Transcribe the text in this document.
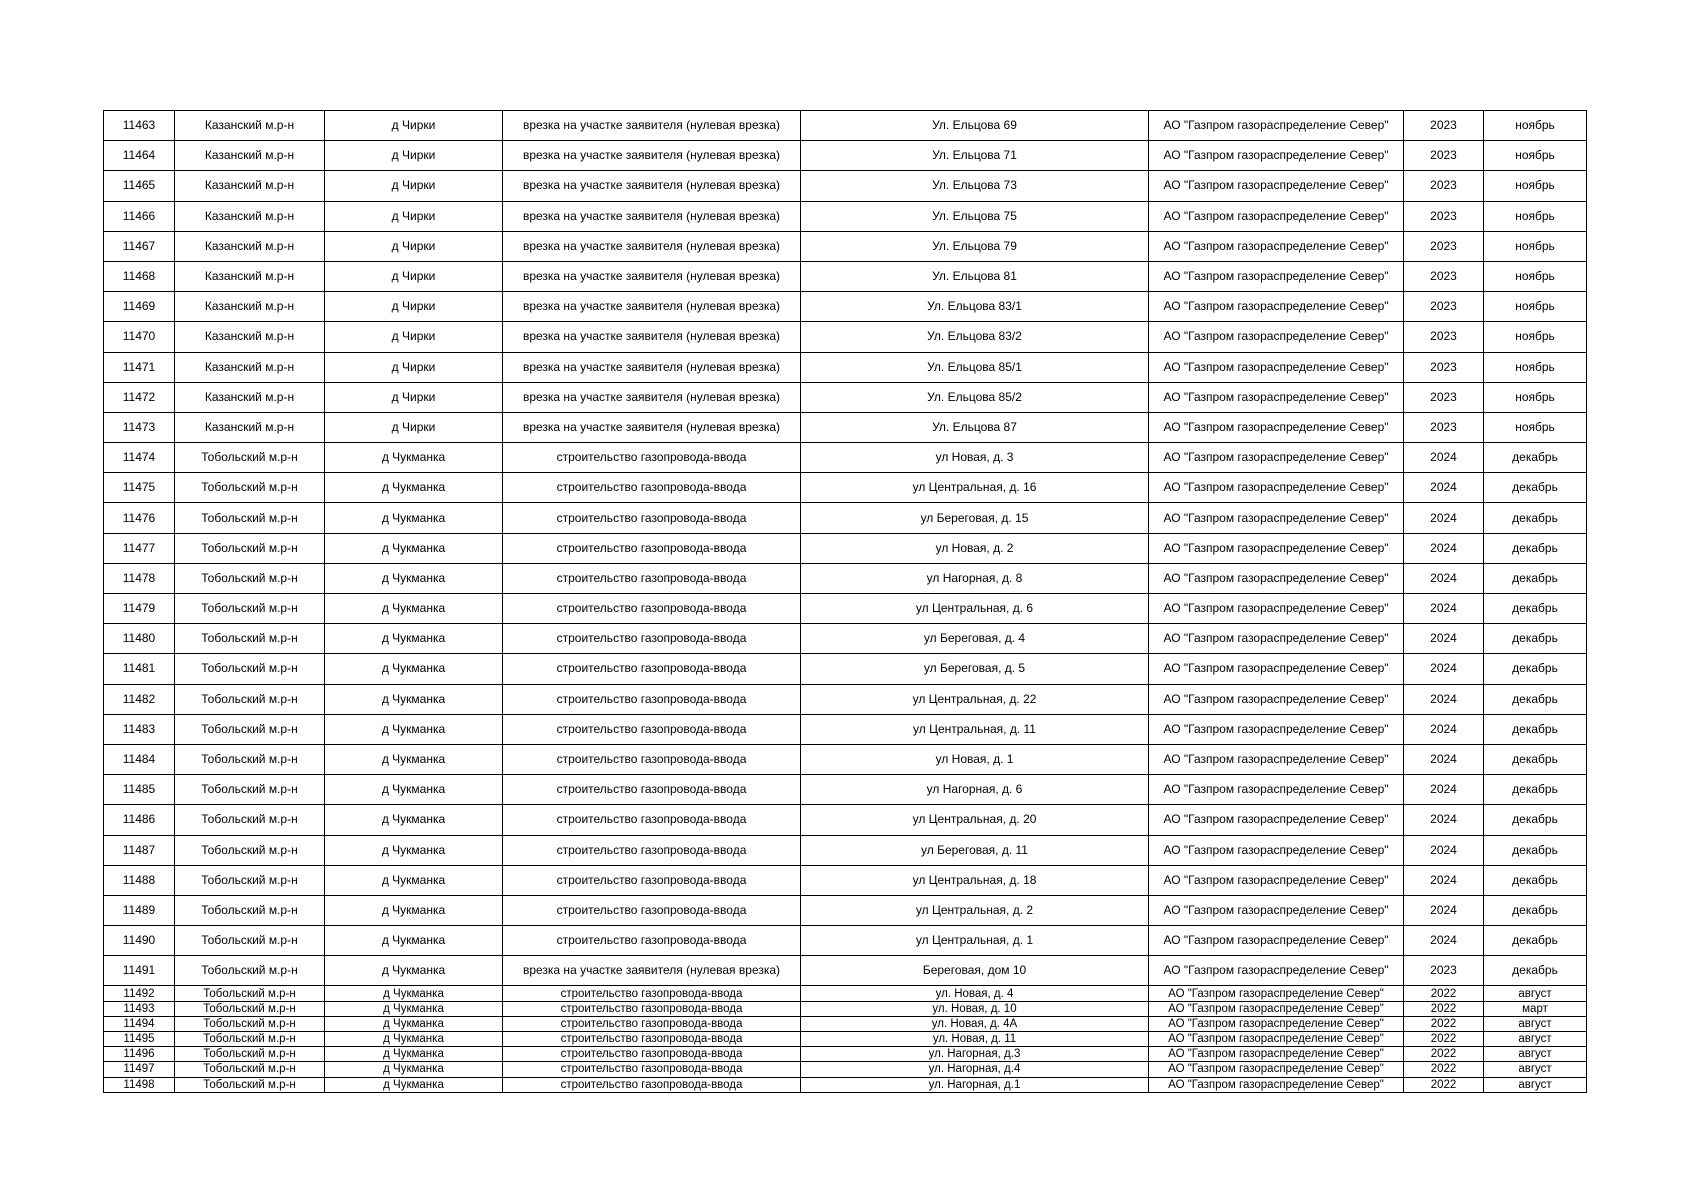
11463	Казанский м.р-н	д Чирки	врезка на участке заявителя (нулевая врезка)	Ул. Ельцова 69	АО "Газпром газораспределение Север"	2023	ноябрь
11464	Казанский м.р-н	д Чирки	врезка на участке заявителя (нулевая врезка)	Ул. Ельцова 71	АО "Газпром газораспределение Север"	2023	ноябрь
11465	Казанский м.р-н	д Чирки	врезка на участке заявителя (нулевая врезка)	Ул. Ельцова 73	АО "Газпром газораспределение Север"	2023	ноябрь
11466	Казанский м.р-н	д Чирки	врезка на участке заявителя (нулевая врезка)	Ул. Ельцова 75	АО "Газпром газораспределение Север"	2023	ноябрь
11467	Казанский м.р-н	д Чирки	врезка на участке заявителя (нулевая врезка)	Ул. Ельцова 79	АО "Газпром газораспределение Север"	2023	ноябрь
11468	Казанский м.р-н	д Чирки	врезка на участке заявителя (нулевая врезка)	Ул. Ельцова 81	АО "Газпром газораспределение Север"	2023	ноябрь
11469	Казанский м.р-н	д Чирки	врезка на участке заявителя (нулевая врезка)	Ул. Ельцова 83/1	АО "Газпром газораспределение Север"	2023	ноябрь
11470	Казанский м.р-н	д Чирки	врезка на участке заявителя (нулевая врезка)	Ул. Ельцова 83/2	АО "Газпром газораспределение Север"	2023	ноябрь
11471	Казанский м.р-н	д Чирки	врезка на участке заявителя (нулевая врезка)	Ул. Ельцова 85/1	АО "Газпром газораспределение Север"	2023	ноябрь
11472	Казанский м.р-н	д Чирки	врезка на участке заявителя (нулевая врезка)	Ул. Ельцова 85/2	АО "Газпром газораспределение Север"	2023	ноябрь
11473	Казанский м.р-н	д Чирки	врезка на участке заявителя (нулевая врезка)	Ул. Ельцова 87	АО "Газпром газораспределение Север"	2023	ноябрь
11474	Тобольский м.р-н	д Чукманка	строительство газопровода-ввода	ул Новая, д. 3	АО "Газпром газораспределение Север"	2024	декабрь
11475	Тобольский м.р-н	д Чукманка	строительство газопровода-ввода	ул Центральная, д. 16	АО "Газпром газораспределение Север"	2024	декабрь
11476	Тобольский м.р-н	д Чукманка	строительство газопровода-ввода	ул Береговая, д. 15	АО "Газпром газораспределение Север"	2024	декабрь
11477	Тобольский м.р-н	д Чукманка	строительство газопровода-ввода	ул Новая, д. 2	АО "Газпром газораспределение Север"	2024	декабрь
11478	Тобольский м.р-н	д Чукманка	строительство газопровода-ввода	ул Нагорная, д. 8	АО "Газпром газораспределение Север"	2024	декабрь
11479	Тобольский м.р-н	д Чукманка	строительство газопровода-ввода	ул Центральная, д. 6	АО "Газпром газораспределение Север"	2024	декабрь
11480	Тобольский м.р-н	д Чукманка	строительство газопровода-ввода	ул Береговая, д. 4	АО "Газпром газораспределение Север"	2024	декабрь
11481	Тобольский м.р-н	д Чукманка	строительство газопровода-ввода	ул Береговая, д. 5	АО "Газпром газораспределение Север"	2024	декабрь
11482	Тобольский м.р-н	д Чукманка	строительство газопровода-ввода	ул Центральная, д. 22	АО "Газпром газораспределение Север"	2024	декабрь
11483	Тобольский м.р-н	д Чукманка	строительство газопровода-ввода	ул Центральная, д. 11	АО "Газпром газораспределение Север"	2024	декабрь
11484	Тобольский м.р-н	д Чукманка	строительство газопровода-ввода	ул Новая, д. 1	АО "Газпром газораспределение Север"	2024	декабрь
11485	Тобольский м.р-н	д Чукманка	строительство газопровода-ввода	ул Нагорная, д. 6	АО "Газпром газораспределение Север"	2024	декабрь
11486	Тобольский м.р-н	д Чукманка	строительство газопровода-ввода	ул Центральная, д. 20	АО "Газпром газораспределение Север"	2024	декабрь
11487	Тобольский м.р-н	д Чукманка	строительство газопровода-ввода	ул Береговая, д. 11	АО "Газпром газораспределение Север"	2024	декабрь
11488	Тобольский м.р-н	д Чукманка	строительство газопровода-ввода	ул Центральная, д. 18	АО "Газпром газораспределение Север"	2024	декабрь
11489	Тобольский м.р-н	д Чукманка	строительство газопровода-ввода	ул Центральная, д. 2	АО "Газпром газораспределение Север"	2024	декабрь
11490	Тобольский м.р-н	д Чукманка	строительство газопровода-ввода	ул Центральная, д. 1	АО "Газпром газораспределение Север"	2024	декабрь
11491	Тобольский м.р-н	д Чукманка	врезка на участке заявителя (нулевая врезка)	Береговая, дом 10	АО "Газпром газораспределение Север"	2023	декабрь
11492	Тобольский м.р-н	д Чукманка	строительство газопровода-ввода	ул. Новая, д. 4	АО "Газпром газораспределение Север"	2022	август
11493	Тобольский м.р-н	д Чукманка	строительство газопровода-ввода	ул. Новая, д. 10	АО "Газпром газораспределение Север"	2022	март
11494	Тобольский м.р-н	д Чукманка	строительство газопровода-ввода	ул. Новая, д. 4А	АО "Газпром газораспределение Север"	2022	август
11495	Тобольский м.р-н	д Чукманка	строительство газопровода-ввода	ул. Новая, д. 11	АО "Газпром газораспределение Север"	2022	август
11496	Тобольский м.р-н	д Чукманка	строительство газопровода-ввода	ул. Нагорная, д.3	АО "Газпром газораспределение Север"	2022	август
11497	Тобольский м.р-н	д Чукманка	строительство газопровода-ввода	ул. Нагорная, д.4	АО "Газпром газораспределение Север"	2022	август
11498	Тобольский м.р-н	д Чукманка	строительство газопровода-ввода	ул. Нагорная, д.1	АО "Газпром газораспределение Север"	2022	август
